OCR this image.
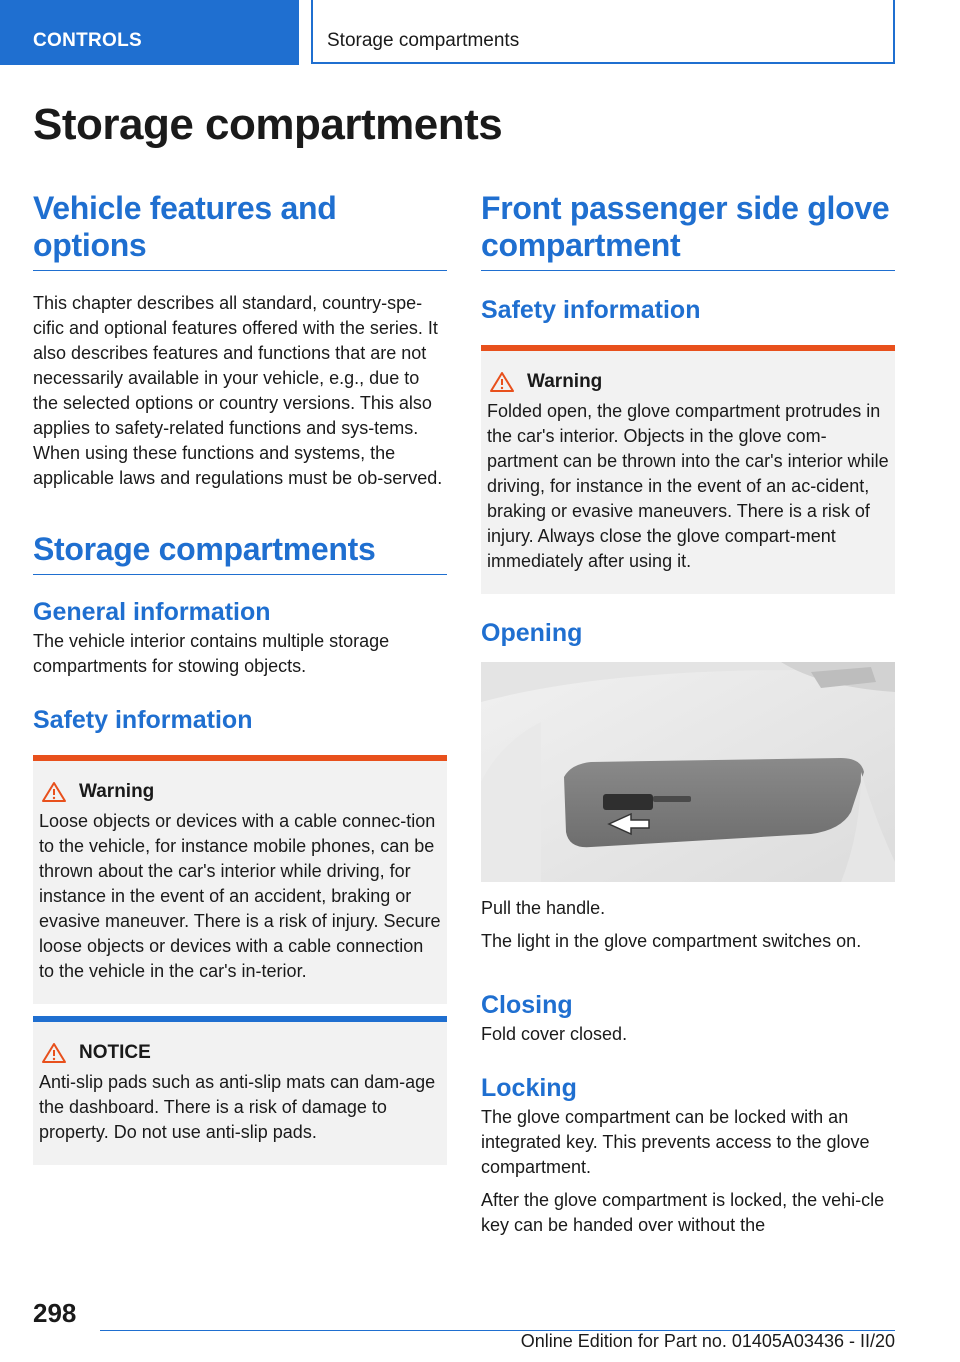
CONTROLS	Storage compartments
Storage compartments
Vehicle features and options

This chapter describes all standard, country-spe-cific and optional features offered with the series. It also describes features and functions that are not necessarily available in your vehicle, e.g., due to the selected options or country versions. This also applies to safety-related functions and sys-tems. When using these functions and systems, the applicable laws and regulations must be ob-served.

Storage compartments
General information

The vehicle interior contains multiple storage compartments for stowing objects.

Safety information
Warning

Loose objects or devices with a cable connec-tion to the vehicle, for instance mobile phones, can be thrown about the car's interior while driving, for instance in the event of an accident, braking or evasive maneuver. There is a risk of injury. Secure loose objects or devices with a cable connection to the vehicle in the car's in-terior.

NOTICE

Anti-slip pads such as anti-slip mats can dam-age the dashboard. There is a risk of damage to property. Do not use anti-slip pads.

Front passenger side glove compartment
Safety information
Warning

Folded open, the glove compartment protrudes in the car's interior. Objects in the glove com-partment can be thrown into the car's interior while driving, for instance in the event of an ac-cident, braking or evasive maneuvers. There is a risk of injury. Always close the glove compart-ment immediately after using it.

Opening

Pull the handle.

The light in the glove compartment switches on.

Closing

Fold cover closed.

Locking

The glove compartment can be locked with an integrated key. This prevents access to the glove compartment.

After the glove compartment is locked, the vehi-cle key can be handed over without the

298
Online Edition for Part no. 01405A03436 - II/20
